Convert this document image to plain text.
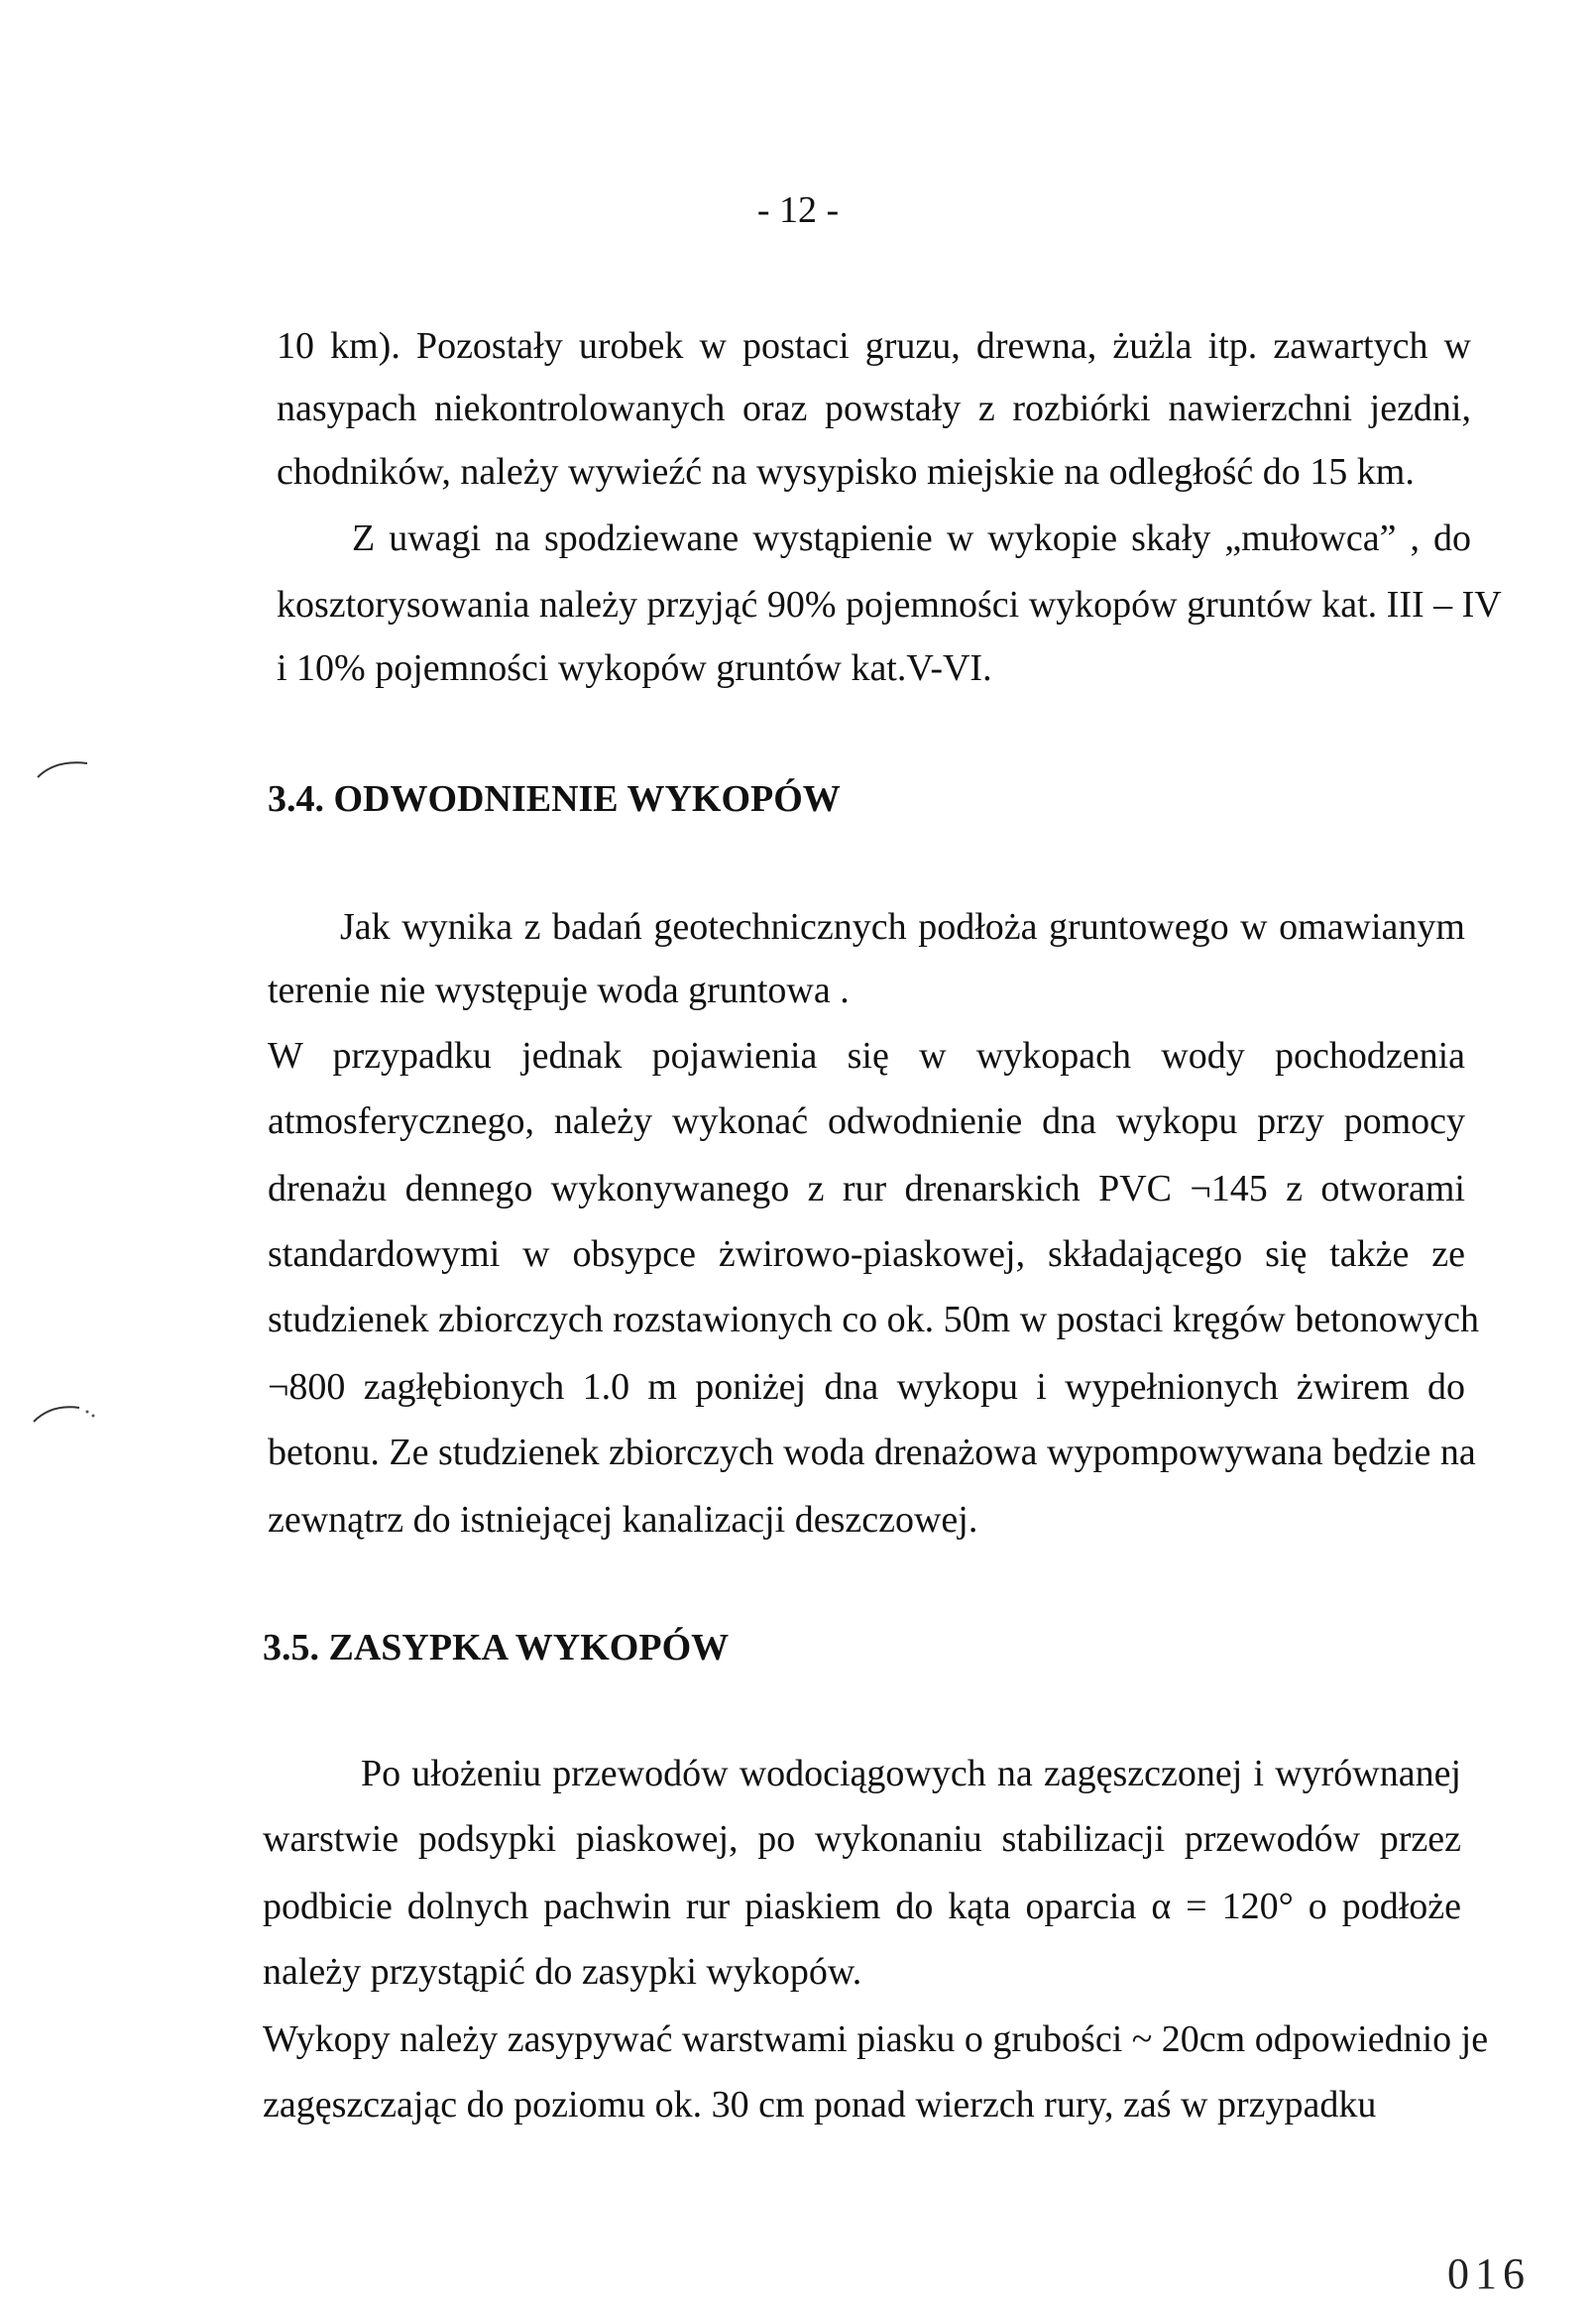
- 12 -
10 km). Pozostały urobek w postaci gruzu, drewna, żużla itp. zawartych w
nasypach niekontrolowanych oraz powstały z rozbiórki nawierzchni jezdni,
chodników, należy wywieźć na wysypisko miejskie na odległość do 15 km.
Z uwagi na spodziewane wystąpienie w wykopie skały „mułowca” , do
kosztorysowania należy przyjąć 90% pojemności wykopów gruntów kat. III – IV
i 10% pojemności wykopów gruntów kat.V-VI.
3.4. ODWODNIENIE WYKOPÓW
Jak wynika z badań geotechnicznych podłoża gruntowego w omawianym
terenie nie występuje woda gruntowa .
W przypadku jednak pojawienia się w wykopach wody pochodzenia
atmosferycznego, należy wykonać odwodnienie dna wykopu przy pomocy
drenażu dennego wykonywanego z rur drenarskich PVC ¬145 z otworami
standardowymi w obsypce żwirowo-piaskowej, składającego się także ze
studzienek zbiorczych rozstawionych co ok. 50m w postaci kręgów betonowych
¬800 zagłębionych 1.0 m poniżej dna wykopu i wypełnionych żwirem do
betonu. Ze studzienek zbiorczych woda drenażowa wypompowywana będzie na
zewnątrz do istniejącej kanalizacji deszczowej.
3.5. ZASYPKA WYKOPÓW
Po ułożeniu przewodów wodociągowych na zagęszczonej i wyrównanej
warstwie podsypki piaskowej, po wykonaniu stabilizacji przewodów przez
podbicie dolnych pachwin rur piaskiem do kąta oparcia α = 120° o podłoże
należy przystąpić do zasypki wykopów.
Wykopy należy zasypywać warstwami piasku o grubości ~ 20cm odpowiednio je
zagęszczając do poziomu ok. 30 cm ponad wierzch rury, zaś w przypadku
016
